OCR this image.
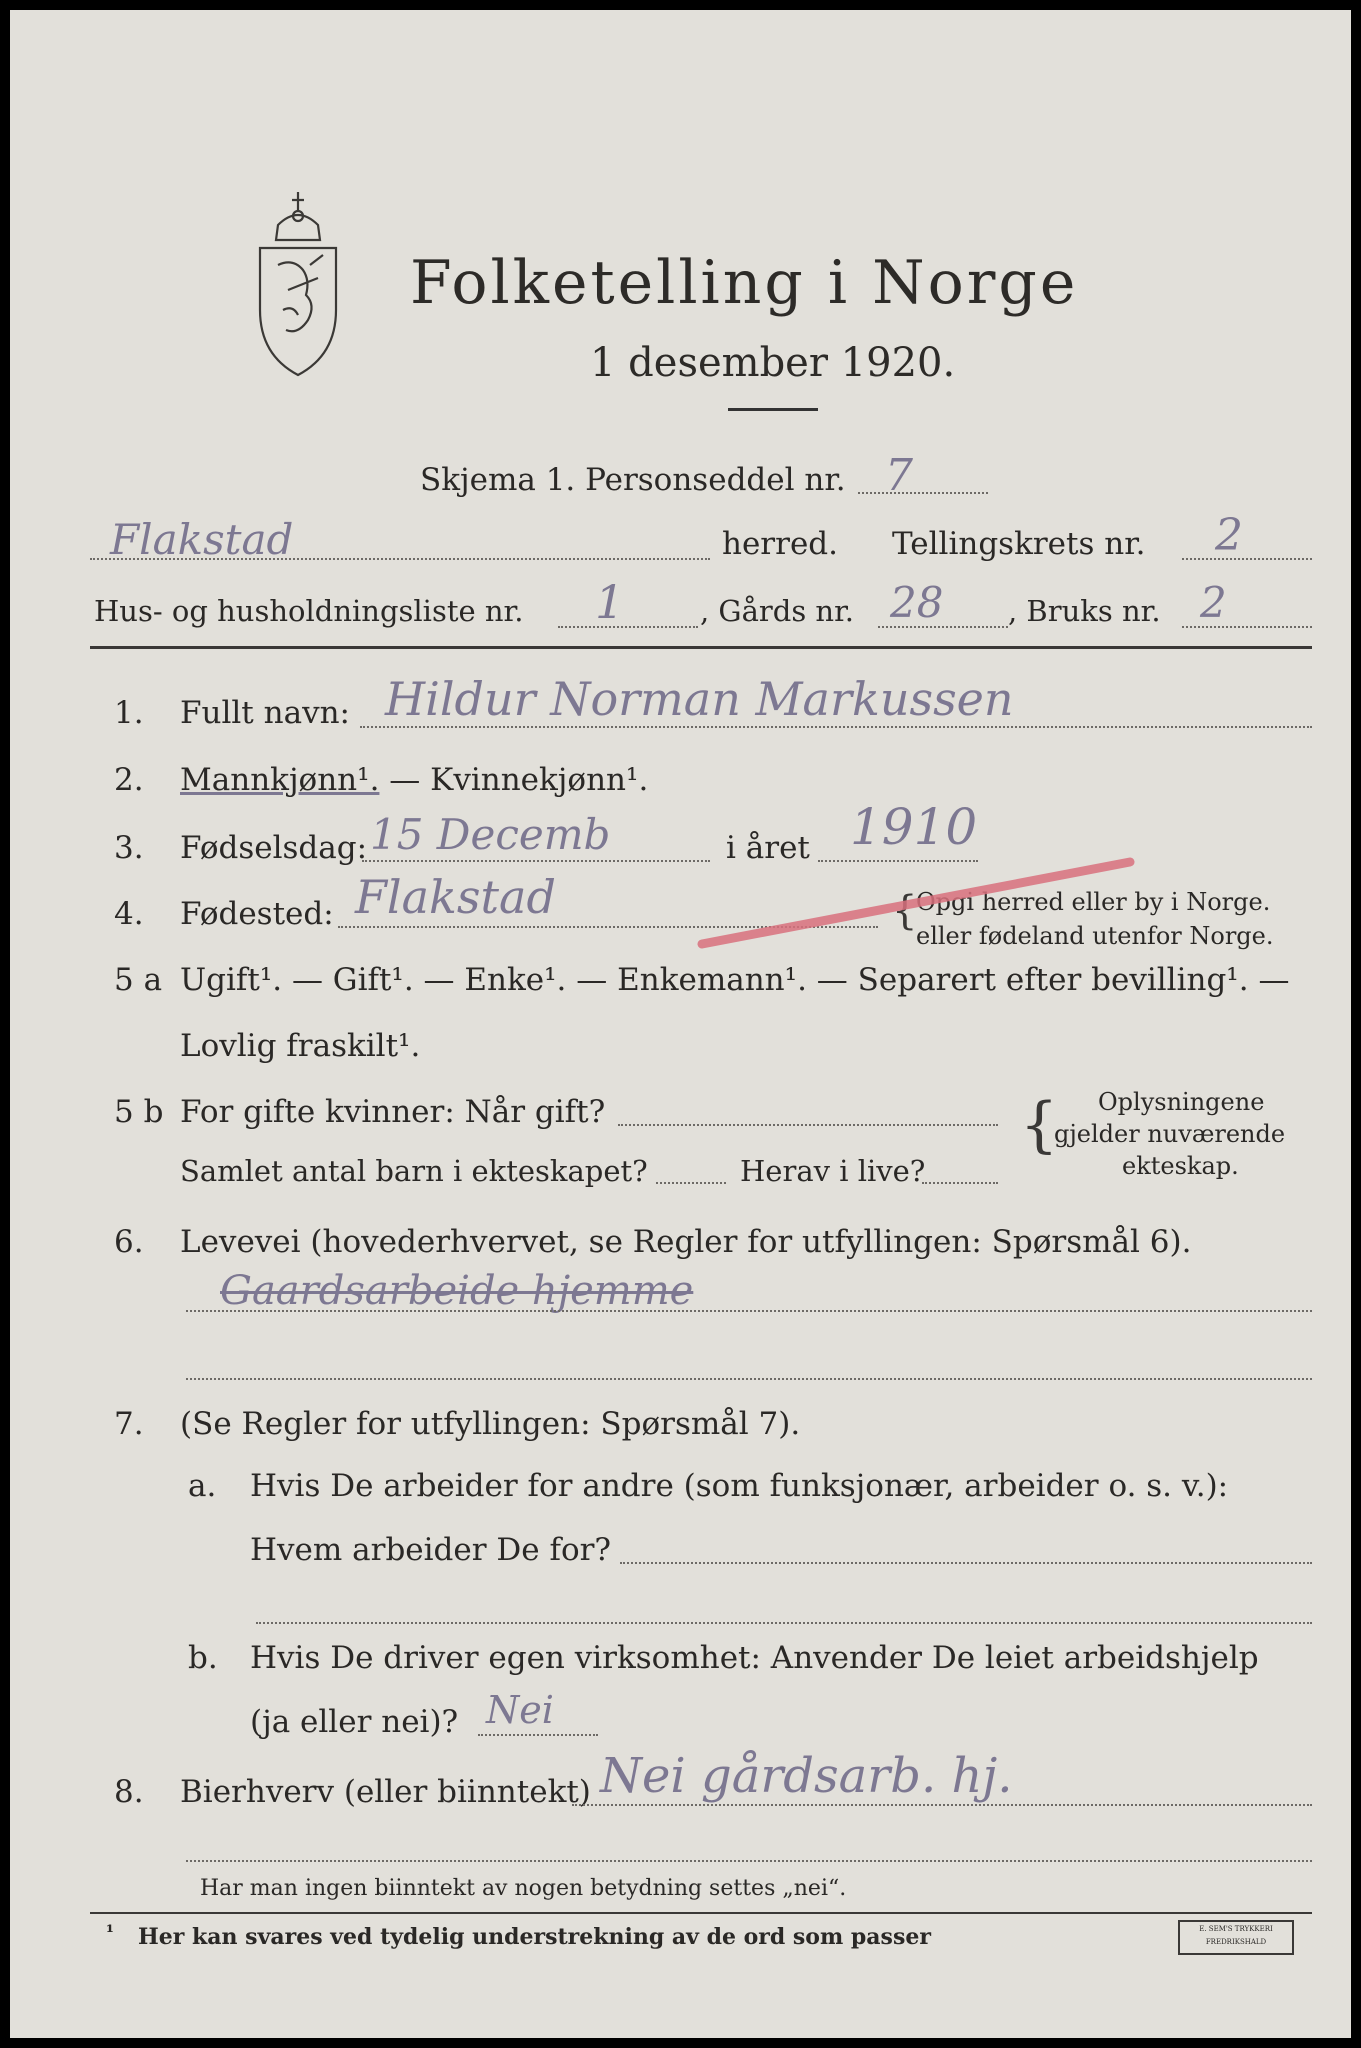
Folketelling i Norge
1 desember 1920.
Skjema 1. Personseddel nr. 7
Flakstad	herred. Tellingskrets nr. 2
Hus- og husholdningsliste nr. 1	, Gårds nr. 28 , Bruks nr. 2
1. Fullt navn: Hildur Norman Markussen
2. Mannkjønn¹. — Kvinnekjønn¹.
3. Fødselsdag: 15 Decemb	i året 1910
4. Fødested: Flakstad	{
Opgi herred eller by i Norge.
eller fødeland utenfor Norge.
5 a Ugift¹. — Gift¹. — Enke¹. — Enkemann¹. — Separert efter bevilling¹. —
Lovlig fraskilt¹.
5 b For gifte kvinner: Når gift?
Samlet antal barn i ekteskapet?	Herav i live?
{ Oplysningene
gjelder nuværende
ekteskap.
6. Levevei (hovederhvervet, se Regler for utfyllingen: Spørsmål 6).
Gaardsarbeide hjemme
7. (Se Regler for utfyllingen: Spørsmål 7).
a. Hvis De arbeider for andre (som funksjonær, arbeider o. s. v.):
Hvem arbeider De for?
b. Hvis De driver egen virksomhet: Anvender De leiet arbeidshjelp
(ja eller nei)? Nei
8. Bierhverv (eller biinntekt) Nei gårdsarb. hj.
Har man ingen biinntekt av nogen betydning settes „nei“.
¹ Her kan svares ved tydelig understrekning av de ord som passer	E. SEM'S TRYKKERI
FREDRIKSHALD
